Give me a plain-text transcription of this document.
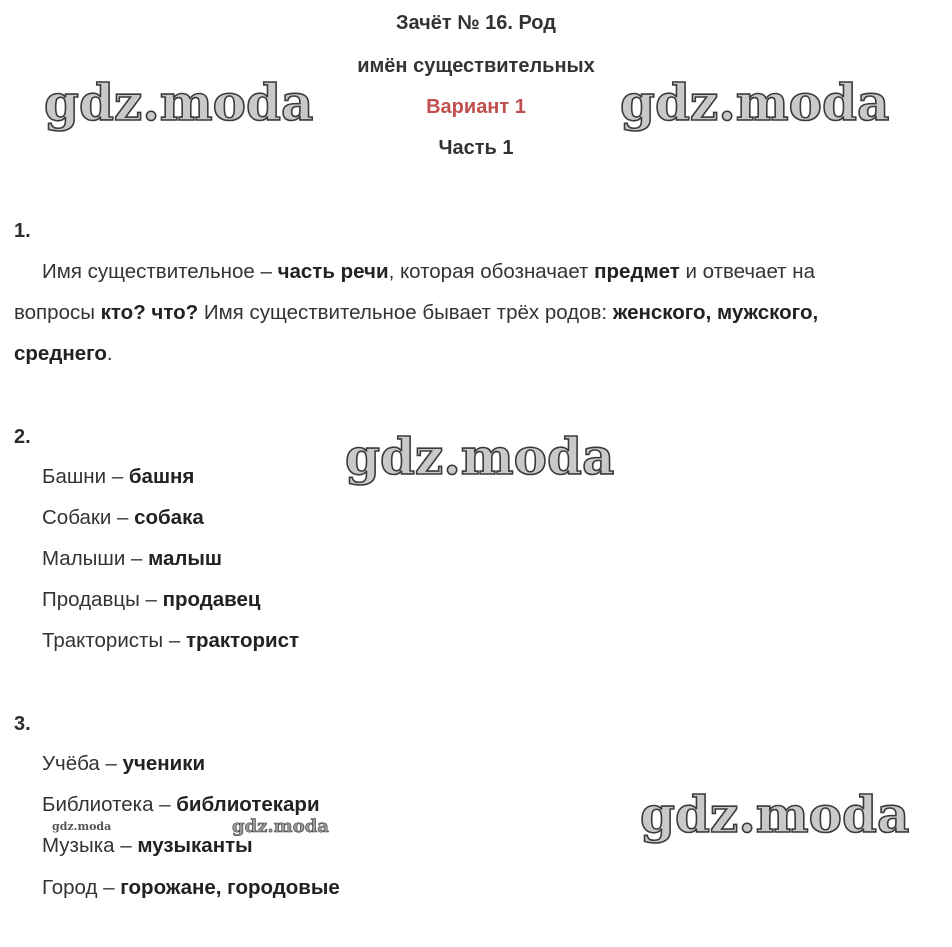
Зачёт № 16. Род
имён существительных
Вариант 1
Часть 1
gdz.moda	gdz.moda
gdz.moda
gdz.moda
gdz.moda
gdz.moda
1.
Имя существительное – часть речи, которая обозначает предмет и отвечает на
вопросы кто? что? Имя существительное бывает трёх родов: женского, мужского,
среднего.
2.
Башни – башня
Собаки – собака
Малыши – малыш
Продавцы – продавец
Трактористы – тракторист
3.
Учёба – ученики
Библиотека – библиотекари
Музыка – музыканты
Город – горожане, городовые
